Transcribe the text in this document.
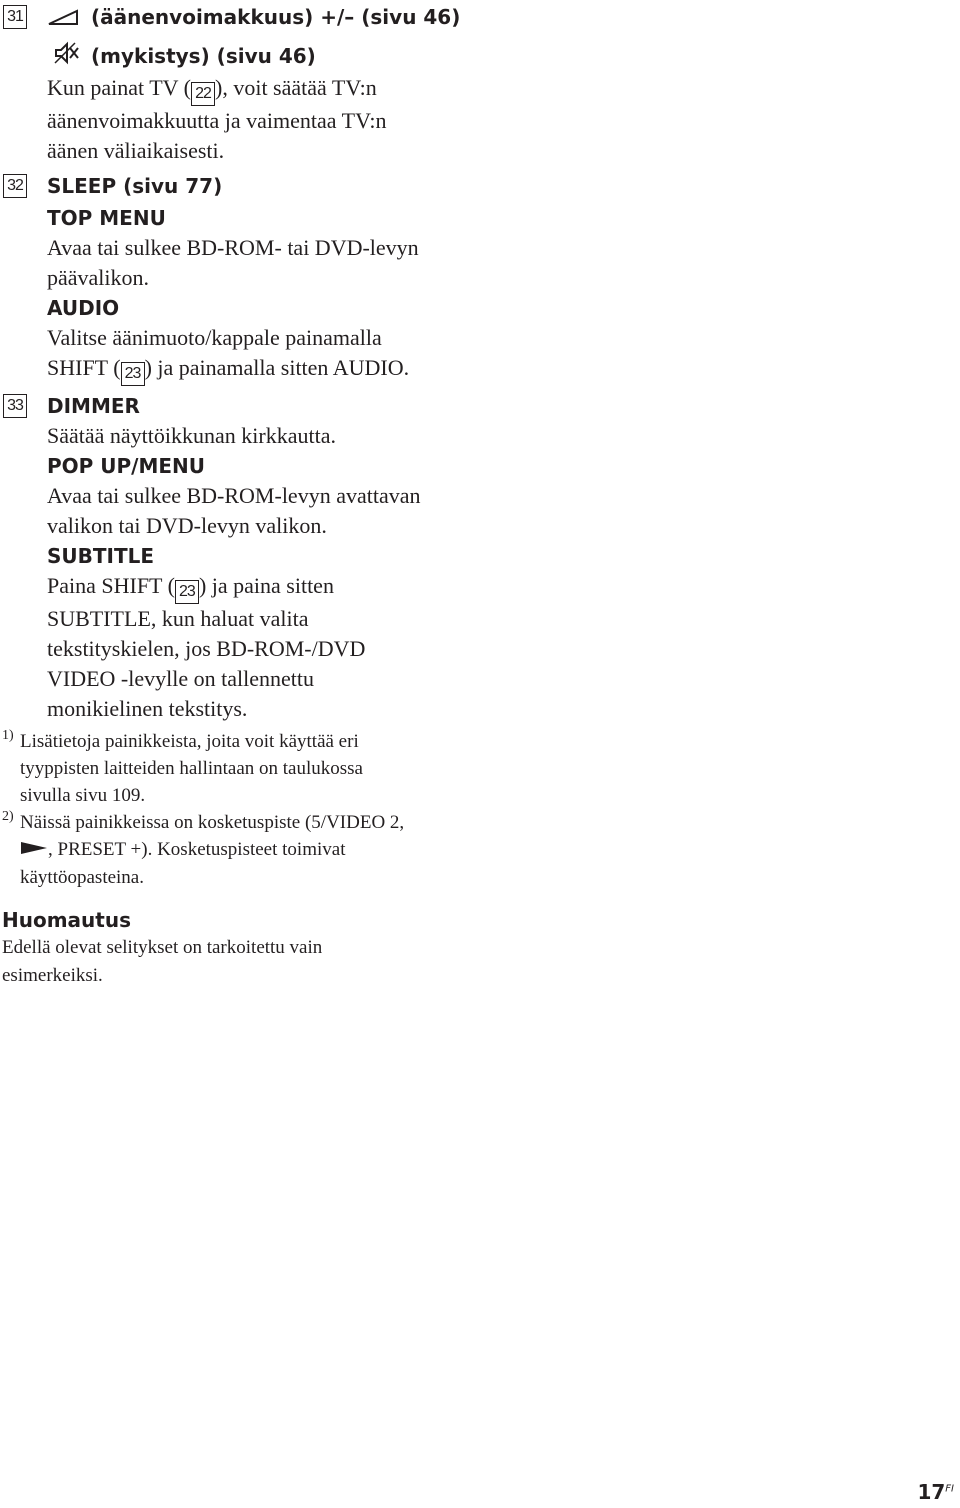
31	(äänenvoimakkuus) +/– (sivu 46)

(mykistys) (sivu 46)

Kun painat TV ( 22 ), voit säätää TV:n

äänenvoimakkuutta ja vaimentaa TV:n

äänen väliaikaisesti.

32 SLEEP (sivu 77)

TOP MENU

Avaa tai sulkee BD-ROM- tai DVD-levyn

päävalikon.

AUDIO

Valitse äänimuoto/kappale painamalla

SHIFT ( 23 ) ja painamalla sitten AUDIO.

33 DIMMER

Säätää näyttöikkunan kirkkautta.

POP UP/MENU

Avaa tai sulkee BD-ROM-levyn avattavan

valikon tai DVD-levyn valikon.

SUBTITLE

Paina SHIFT ( 23 ) ja paina sitten

SUBTITLE, kun haluat valita

tekstityskielen, jos BD-ROM-/DVD

VIDEO -levylle on tallennettu

monikielinen tekstitys.

1) Lisätietoja painikkeista, joita voit käyttää eri

tyyppisten laitteiden hallintaan on taulukossa

sivulla sivu 109.

2) Näissä painikkeissa on kosketuspiste (5/VIDEO 2,

, PRESET +). Kosketuspisteet toimivat

käyttöopasteina.

Huomautus

Edellä olevat selitykset on tarkoitettu vain

esimerkeiksi.

$17^{FI}$
